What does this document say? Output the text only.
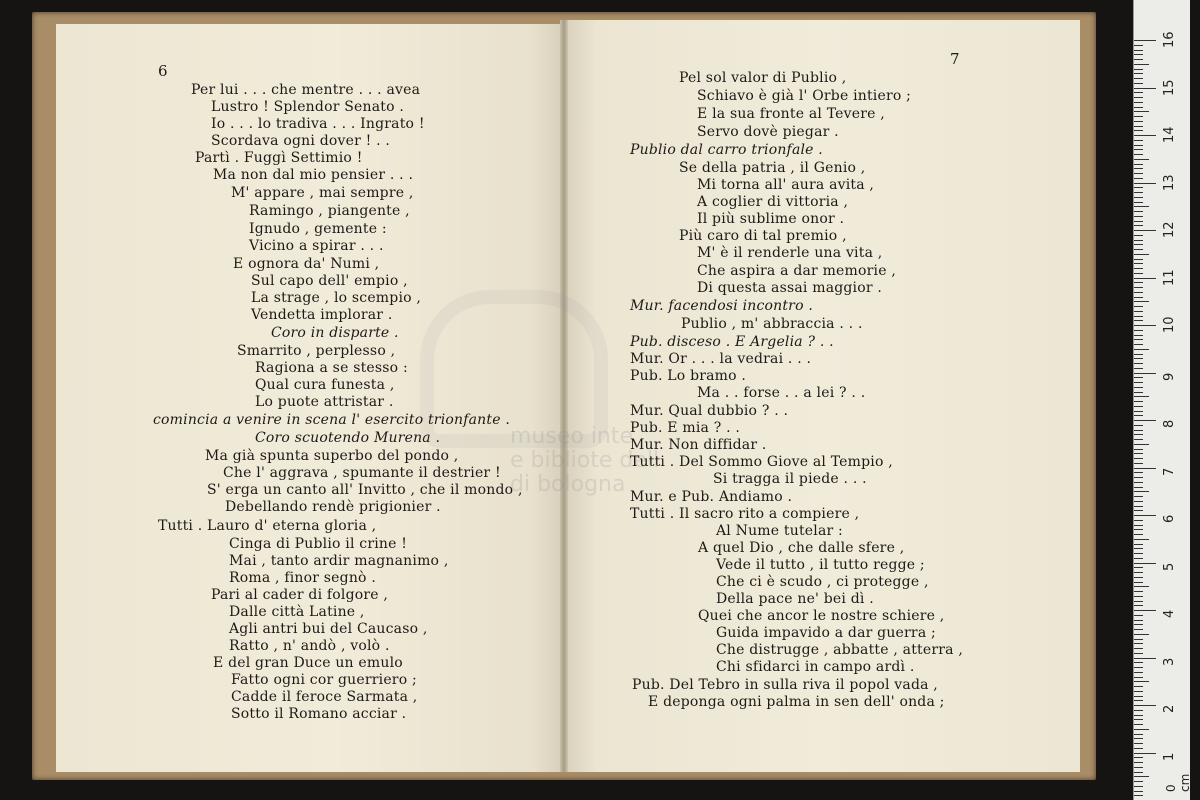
museo inte
e bibliote dell
di bologna
6
7
Per lui . . . che mentre . . . avea
Lustro ! Splendor Senato .
Io . . . lo tradiva . . . Ingrato !
Scordava ogni dover ! . .
Partì . Fuggì Settimio !
Ma non dal mio pensier . . .
M' appare , mai sempre ,
Ramingo , piangente ,
Ignudo , gemente :
Vicino a spirar . . .
E ognora da' Numi ,
Sul capo dell' empio ,
La strage , lo scempio ,
Vendetta implorar .
Coro in disparte .
Smarrito , perplesso ,
Ragiona a se stesso :
Qual cura funesta ,
Lo puote attristar .
comincia a venire in scena l' esercito trionfante .
Coro scuotendo Murena .
Ma già spunta superbo del pondo ,
Che l' aggrava , spumante il destrier !
S' erga un canto all' Invitto , che il mondo ,
Debellando rendè prigionier .
Tutti . Lauro d' eterna gloria ,
Cinga di Publio il crine !
Mai , tanto ardir magnanimo ,
Roma , finor segnò .
Pari al cader di folgore ,
Dalle città Latine ,
Agli antri bui del Caucaso ,
Ratto , n' andò , volò .
E del gran Duce un emulo
Fatto ogni cor guerriero ;
Cadde il feroce Sarmata ,
Sotto il Romano acciar .
Pel sol valor di Publio ,
Schiavo è già l' Orbe intiero ;
E la sua fronte al Tevere ,
Servo dovè piegar .
Publio dal carro trionfale .
Se della patria , il Genio ,
Mi torna all' aura avita ,
A coglier di vittoria ,
Il più sublime onor .
Più caro di tal premio ,
M' è il renderle una vita ,
Che aspira a dar memorie ,
Di questa assai maggior .
Mur. facendosi incontro .
Publio , m' abbraccia . . .
Pub. disceso . E Argelia ? . .
Mur. Or . . . la vedrai . . .
Pub. Lo bramo .
Ma . . forse . . a lei ? . .
Mur. Qual dubbio ? . .
Pub. E mia ? . .
Mur. Non diffidar .
Tutti . Del Sommo Giove al Tempio ,
Si tragga il piede . . .
Mur. e Pub. Andiamo .
Tutti . Il sacro rito a compiere ,
Al Nume tutelar :
A quel Dio , che dalle sfere ,
Vede il tutto , il tutto regge ;
Che ci è scudo , ci protegge ,
Della pace ne' bei dì .
Quei che ancor le nostre schiere ,
Guida impavido a dar guerra ;
Che distrugge , abbatte , atterra ,
Chi sfidarci in campo ardì .
Pub. Del Tebro in sulla riva il popol vada ,
E deponga ogni palma in sen dell' onda ;
0 cm
16
15
14
13
12
11
10
9
8
7
6
5
4
3
2
1
